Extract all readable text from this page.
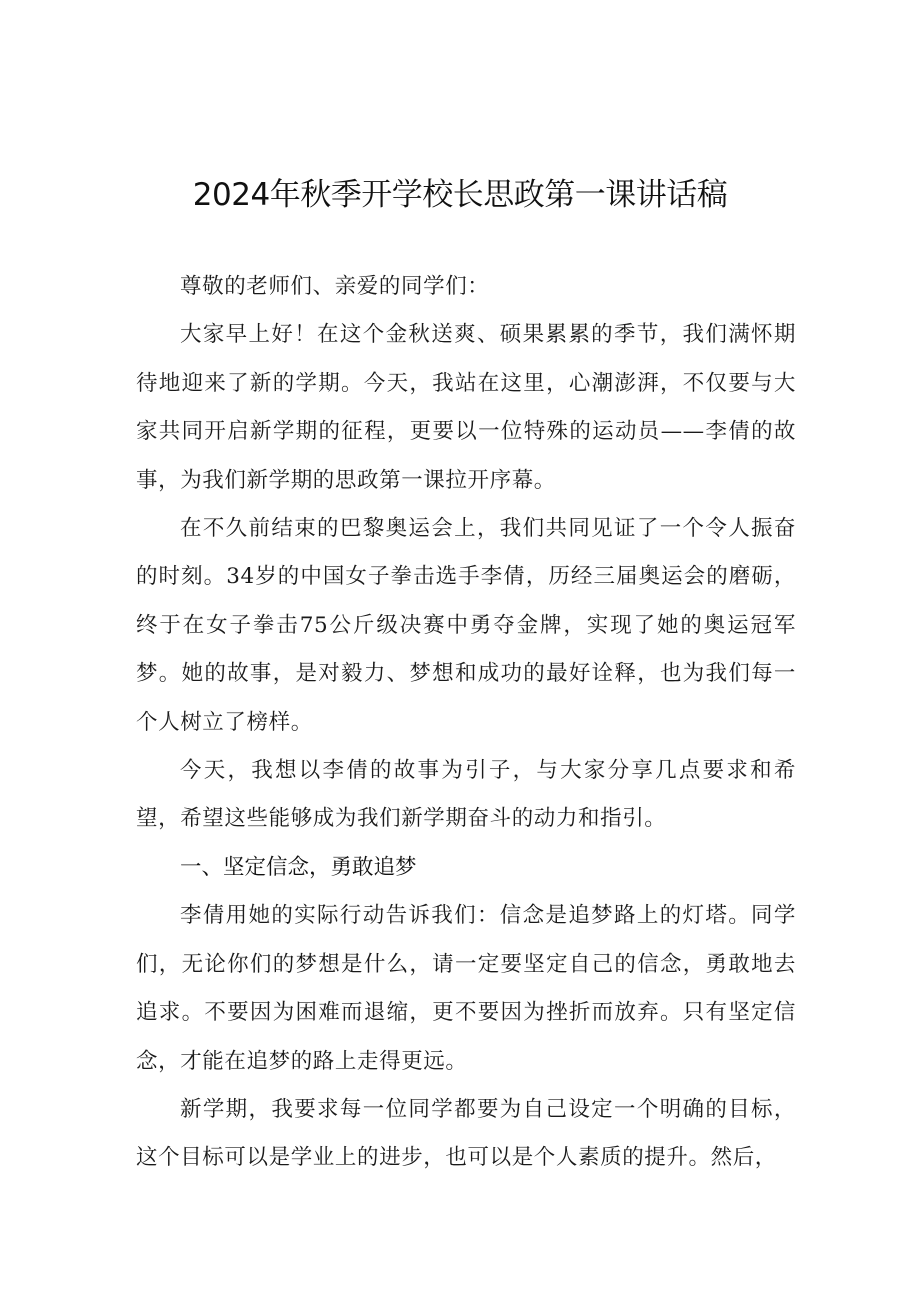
2024年秋季开学校长思政第一课讲话稿

尊敬的老师们、亲爱的同学们：

大家早上好！在这个金秋送爽、硕果累累的季节，我们满怀期待地迎来了新的学期。今天，我站在这里，心潮澎湃，不仅要与大家共同开启新学期的征程，更要以一位特殊的运动员——李倩的故事，为我们新学期的思政第一课拉开序幕。

在不久前结束的巴黎奥运会上，我们共同见证了一个令人振奋的时刻。34岁的中国女子拳击选手李倩，历经三届奥运会的磨砺，终于在女子拳击75公斤级决赛中勇夺金牌，实现了她的奥运冠军梦。她的故事，是对毅力、梦想和成功的最好诠释，也为我们每一个人树立了榜样。

今天，我想以李倩的故事为引子，与大家分享几点要求和希望，希望这些能够成为我们新学期奋斗的动力和指引。

一、坚定信念，勇敢追梦

李倩用她的实际行动告诉我们：信念是追梦路上的灯塔。同学们，无论你们的梦想是什么，请一定要坚定自己的信念，勇敢地去追求。不要因为困难而退缩，更不要因为挫折而放弃。只有坚定信念，才能在追梦的路上走得更远。

新学期，我要求每一位同学都要为自己设定一个明确的目标，这个目标可以是学业上的进步，也可以是个人素质的提升。然后，
